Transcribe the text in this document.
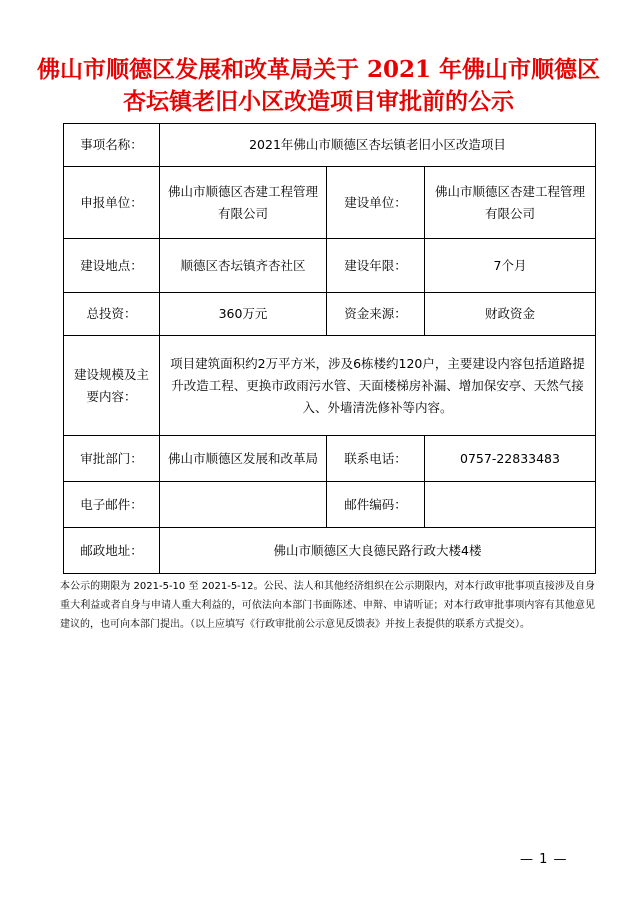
佛山市顺德区发展和改革局关于 2021 年佛山市顺德区杏坛镇老旧小区改造项目审批前的公示
事项名称：	2021年佛山市顺德区杏坛镇老旧小区改造项目		
申报单位：	佛山市顺德区杏建工程管理有限公司	建设单位：	佛山市顺德区杏建工程管理有限公司
建设地点：	顺德区杏坛镇齐杏社区	建设年限：	7个月
总投资：	360万元	资金来源：	财政资金
建设规模及主要内容：	项目建筑面积约2万平方米，涉及6栋楼约120户，主要建设内容包括道路提升改造工程、更换市政雨污水管、天面楼梯房补漏、增加保安亭、天然气接入、外墙清洗修补等内容。		
审批部门：	佛山市顺德区发展和改革局	联系电话：	0757-22833483
电子邮件：		邮件编码：	
邮政地址：	佛山市顺德区大良德民路行政大楼4楼		
本公示的期限为 2021-5-10 至 2021-5-12。公民、法人和其他经济组织在公示期限内，对本行政审批事项直接涉及自身重大利益或者自身与申请人重大利益的，可依法向本部门书面陈述、申辩、申请听证；对本行政审批事项内容有其他意见建议的，也可向本部门提出。（以上应填写《行政审批前公示意见反馈表》并按上表提供的联系方式提交）。
— 1 —
